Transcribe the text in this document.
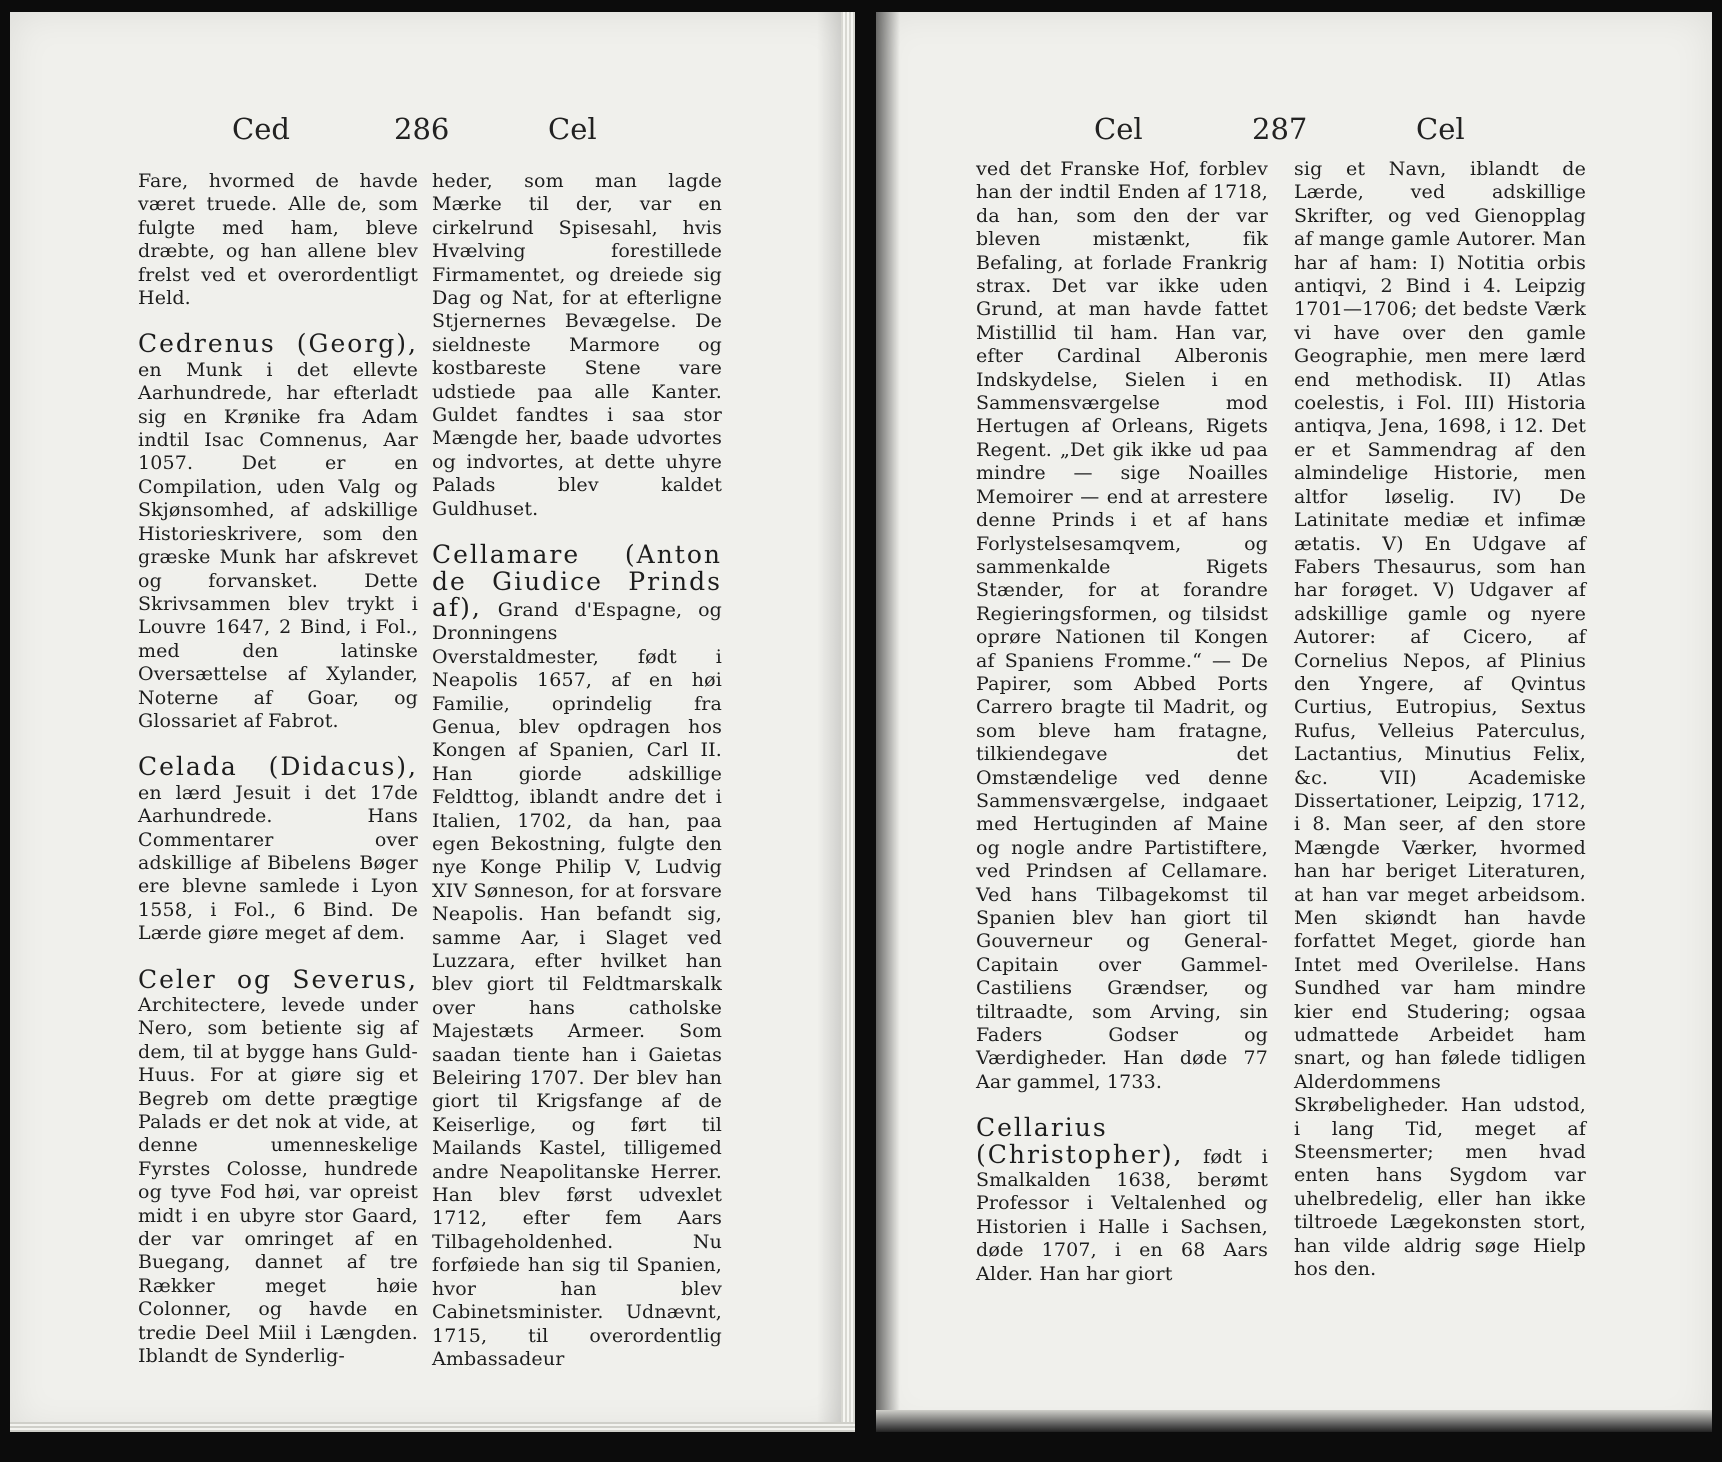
Ced	286	Cel

Fare, hvormed de havde været truede. Alle de, som fulgte med ham, bleve dræbte, og han allene blev frelst ved et overordentligt Held.

Cedrenus (Georg), en Munk i det ellevte Aarhundrede, har efterladt sig en Krønike fra Adam indtil Isac Comnenus, Aar 1057. Det er en Compilation, uden Valg og Skjønsomhed, af adskillige Historieskrivere, som den græske Munk har afskrevet og forvansket. Dette Skrivsammen blev trykt i Louvre 1647, 2 Bind, i Fol., med den latinske Oversættelse af Xylander, Noterne af Goar, og Glossariet af Fabrot.

Celada (Didacus), en lærd Jesuit i det 17de Aarhundrede. Hans Commentarer over adskillige af Bibelens Bøger ere blevne samlede i Lyon 1558, i Fol., 6 Bind. De Lærde giøre meget af dem.

Celer og Severus, Architectere, levede under Nero, som betiente sig af dem, til at bygge hans Guld-Huus. For at giøre sig et Begreb om dette prægtige Palads er det nok at vide, at denne umenneskelige Fyrstes Colosse, hundrede og tyve Fod høi, var opreist midt i en ubyre stor Gaard, der var omringet af en Buegang, dannet af tre Rækker meget høie Colonner, og havde en tredie Deel Miil i Længden. Iblandt de Synderlig-

heder, som man lagde Mærke til der, var en cirkelrund Spisesahl, hvis Hvælving forestillede Firmamentet, og dreiede sig Dag og Nat, for at efterligne Stjernernes Bevægelse. De sieldneste Marmore og kostbareste Stene vare udstiede paa alle Kanter. Guldet fandtes i saa stor Mængde her, baade udvortes og indvortes, at dette uhyre Palads blev kaldet Guldhuset.

Cellamare (Anton de Giudice Prinds af), Grand d'Espagne, og Dronningens Overstaldmester, født i Neapolis 1657, af en høi Familie, oprindelig fra Genua, blev opdragen hos Kongen af Spanien, Carl II. Han giorde adskillige Feldttog, iblandt andre det i Italien, 1702, da han, paa egen Bekostning, fulgte den nye Konge Philip V, Ludvig XIV Sønneson, for at forsvare Neapolis. Han befandt sig, samme Aar, i Slaget ved Luzzara, efter hvilket han blev giort til Feldtmarskalk over hans catholske Majestæts Armeer. Som saadan tiente han i Gaietas Beleiring 1707. Der blev han giort til Krigsfange af de Keiserlige, og ført til Mailands Kastel, tilligemed andre Neapolitanske Herrer. Han blev først udvexlet 1712, efter fem Aars Tilbageholdenhed. Nu forføiede han sig til Spanien, hvor han blev Cabinetsminister. Udnævnt, 1715, til overordentlig Ambassadeur

Cel	287	Cel

ved det Franske Hof, forblev han der indtil Enden af 1718, da han, som den der var bleven mistænkt, fik Befaling, at forlade Frankrig strax. Det var ikke uden Grund, at man havde fattet Mistillid til ham. Han var, efter Cardinal Alberonis Indskydelse, Sielen i en Sammensværgelse mod Hertugen af Orleans, Rigets Regent. „Det gik ikke ud paa mindre — sige Noailles Memoirer — end at arrestere denne Prinds i et af hans Forlystelsesamqvem, og sammenkalde Rigets Stænder, for at forandre Regieringsformen, og tilsidst oprøre Nationen til Kongen af Spaniens Fromme.“ — De Papirer, som Abbed Ports Carrero bragte til Madrit, og som bleve ham fratagne, tilkiendegave det Omstændelige ved denne Sammensværgelse, indgaaet med Hertuginden af Maine og nogle andre Partistiftere, ved Prindsen af Cellamare. Ved hans Tilbagekomst til Spanien blev han giort til Gouverneur og General-Capitain over Gammel-Castiliens Grændser, og tiltraadte, som Arving, sin Faders Godser og Værdigheder. Han døde 77 Aar gammel, 1733.

Cellarius (Christopher), født i Smalkalden 1638, berømt Professor i Veltalenhed og Historien i Halle i Sachsen, døde 1707, i en 68 Aars Alder. Han har giort

sig et Navn, iblandt de Lærde, ved adskillige Skrifter, og ved Gienopplag af mange gamle Autorer. Man har af ham: I) Notitia orbis antiqvi, 2 Bind i 4. Leipzig 1701—1706; det bedste Værk vi have over den gamle Geographie, men mere lærd end methodisk. II) Atlas coelestis, i Fol. III) Historia antiqva, Jena, 1698, i 12. Det er et Sammendrag af den almindelige Historie, men altfor løselig. IV) De Latinitate mediæ et infimæ ætatis. V) En Udgave af Fabers Thesaurus, som han har forøget. V) Udgaver af adskillige gamle og nyere Autorer: af Cicero, af Cornelius Nepos, af Plinius den Yngere, af Qvintus Curtius, Eutropius, Sextus Rufus, Velleius Paterculus, Lactantius, Minutius Felix, &c. VII) Academiske Dissertationer, Leipzig, 1712, i 8. Man seer, af den store Mængde Værker, hvormed han har beriget Literaturen, at han var meget arbeidsom. Men skiøndt han havde forfattet Meget, giorde han Intet med Overilelse. Hans Sundhed var ham mindre kier end Studering; ogsaa udmattede Arbeidet ham snart, og han følede tidligen Alderdommens Skrøbeligheder. Han udstod, i lang Tid, meget af Steensmerter; men hvad enten hans Sygdom var uhelbredelig, eller han ikke tiltroede Lægekonsten stort, han vilde aldrig søge Hielp hos den.
